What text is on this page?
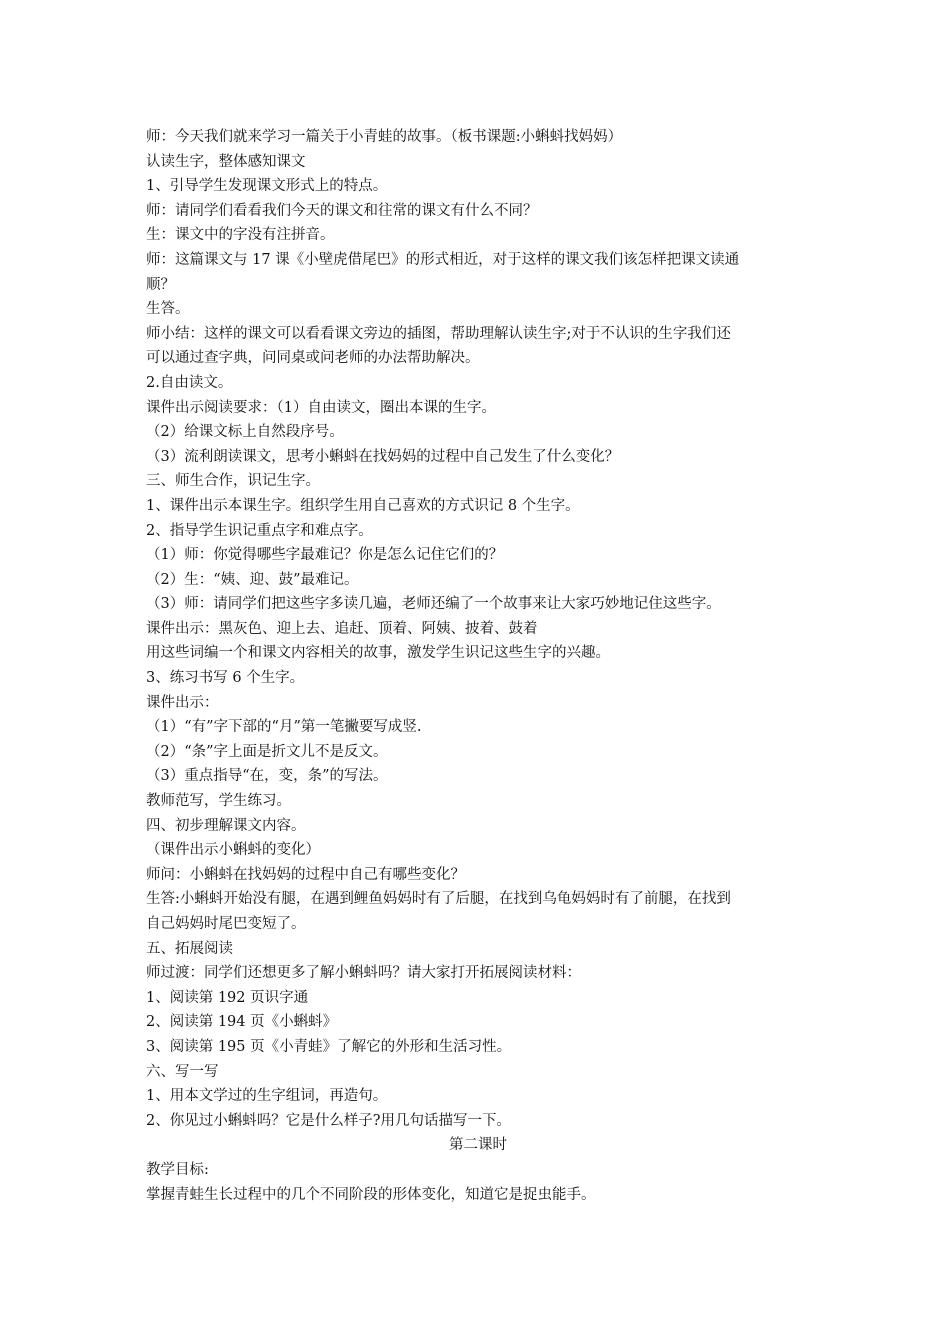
师：今天我们就来学习一篇关于小青蛙的故事。（板书课题:小蝌蚪找妈妈）
认读生字，整体感知课文
1、引导学生发现课文形式上的特点。
师：请同学们看看我们今天的课文和往常的课文有什么不同？
生：课文中的字没有注拼音。
师：这篇课文与 17 课《小壁虎借尾巴》的形式相近，对于这样的课文我们该怎样把课文读通
顺？
生答。
师小结：这样的课文可以看看课文旁边的插图，帮助理解认读生字;对于不认识的生字我们还
可以通过查字典，问同桌或问老师的办法帮助解决。
2.自由读文。
课件出示阅读要求：（1）自由读文，圈出本课的生字。
（2）给课文标上自然段序号。
（3）流利朗读课文，思考小蝌蚪在找妈妈的过程中自己发生了什么变化？
三、师生合作，识记生字。
1、课件出示本课生字。组织学生用自己喜欢的方式识记 8 个生字。
2、指导学生识记重点字和难点字。
（1）师：你觉得哪些字最难记？你是怎么记住它们的？
（2）生：“姨、迎、鼓”最难记。
（3）师：请同学们把这些字多读几遍，老师还编了一个故事来让大家巧妙地记住这些字。
课件出示：黑灰色、迎上去、追赶、顶着、阿姨、披着、鼓着
用这些词编一个和课文内容相关的故事，激发学生识记这些生字的兴趣。
3、练习书写 6 个生字。
课件出示：
（1）“有”字下部的“月”第一笔撇要写成竖.
（2）“条”字上面是折文儿不是反文。
（3）重点指导“在，变，条”的写法。
教师范写，学生练习。
四、初步理解课文内容。
（课件出示小蝌蚪的变化）
师问：小蝌蚪在找妈妈的过程中自己有哪些变化？
生答:小蝌蚪开始没有腿，在遇到鲤鱼妈妈时有了后腿，在找到乌龟妈妈时有了前腿，在找到
自己妈妈时尾巴变短了。
五、拓展阅读
师过渡：同学们还想更多了解小蝌蚪吗？请大家打开拓展阅读材料：
1、阅读第 192 页识字通
2、阅读第 194 页《小蝌蚪》
3、阅读第 195 页《小青蛙》了解它的外形和生活习性。
六、写一写
1、用本文学过的生字组词，再造句。
2、你见过小蝌蚪吗？它是什么样子?用几句话描写一下。
第二课时
教学目标:
掌握青蛙生长过程中的几个不同阶段的形体变化，知道它是捉虫能手。
